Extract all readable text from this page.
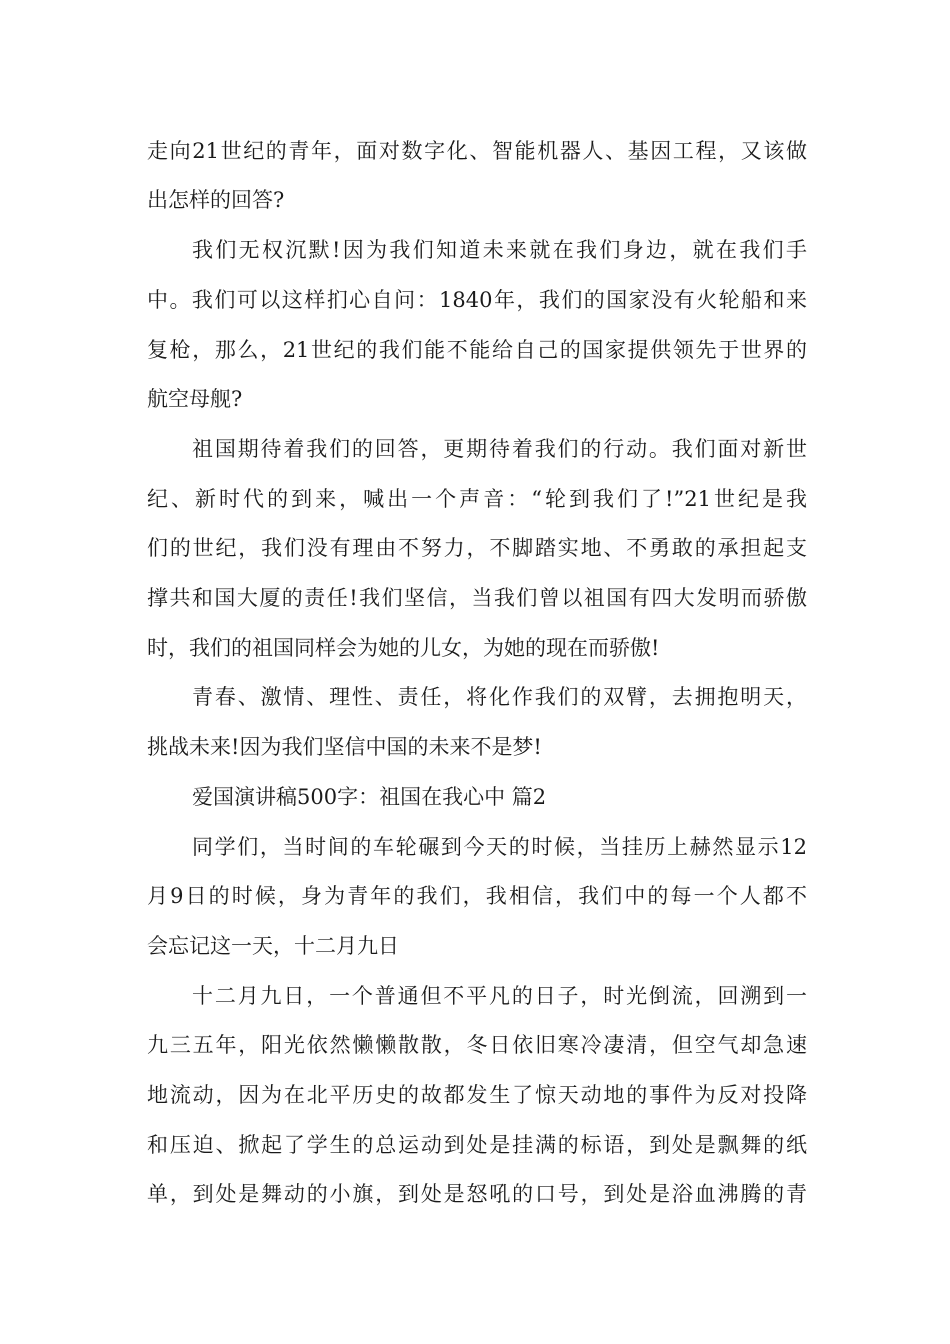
走向21世纪的青年，面对数字化、智能机器人、基因工程，又该做
出怎样的回答?
我们无权沉默!因为我们知道未来就在我们身边，就在我们手
中。我们可以这样扪心自问：1840年，我们的国家没有火轮船和来
复枪，那么，21世纪的我们能不能给自己的国家提供领先于世界的
航空母舰?
祖国期待着我们的回答，更期待着我们的行动。我们面对新世
纪、新时代的到来，喊出一个声音：“轮到我们了!”21世纪是我
们的世纪，我们没有理由不努力，不脚踏实地、不勇敢的承担起支
撑共和国大厦的责任!我们坚信，当我们曾以祖国有四大发明而骄傲
时，我们的祖国同样会为她的儿女，为她的现在而骄傲!
青春、激情、理性、责任，将化作我们的双臂，去拥抱明天，
挑战未来!因为我们坚信中国的未来不是梦!
爱国演讲稿500字：祖国在我心中 篇2
同学们，当时间的车轮碾到今天的时候，当挂历上赫然显示12
月9日的时候，身为青年的我们，我相信，我们中的每一个人都不
会忘记这一天，十二月九日
十二月九日，一个普通但不平凡的日子，时光倒流，回溯到一
九三五年，阳光依然懒懒散散，冬日依旧寒冷凄清，但空气却急速
地流动，因为在北平历史的故都发生了惊天动地的事件为反对投降
和压迫、掀起了学生的总运动到处是挂满的标语，到处是飘舞的纸
单，到处是舞动的小旗，到处是怒吼的口号，到处是浴血沸腾的青
